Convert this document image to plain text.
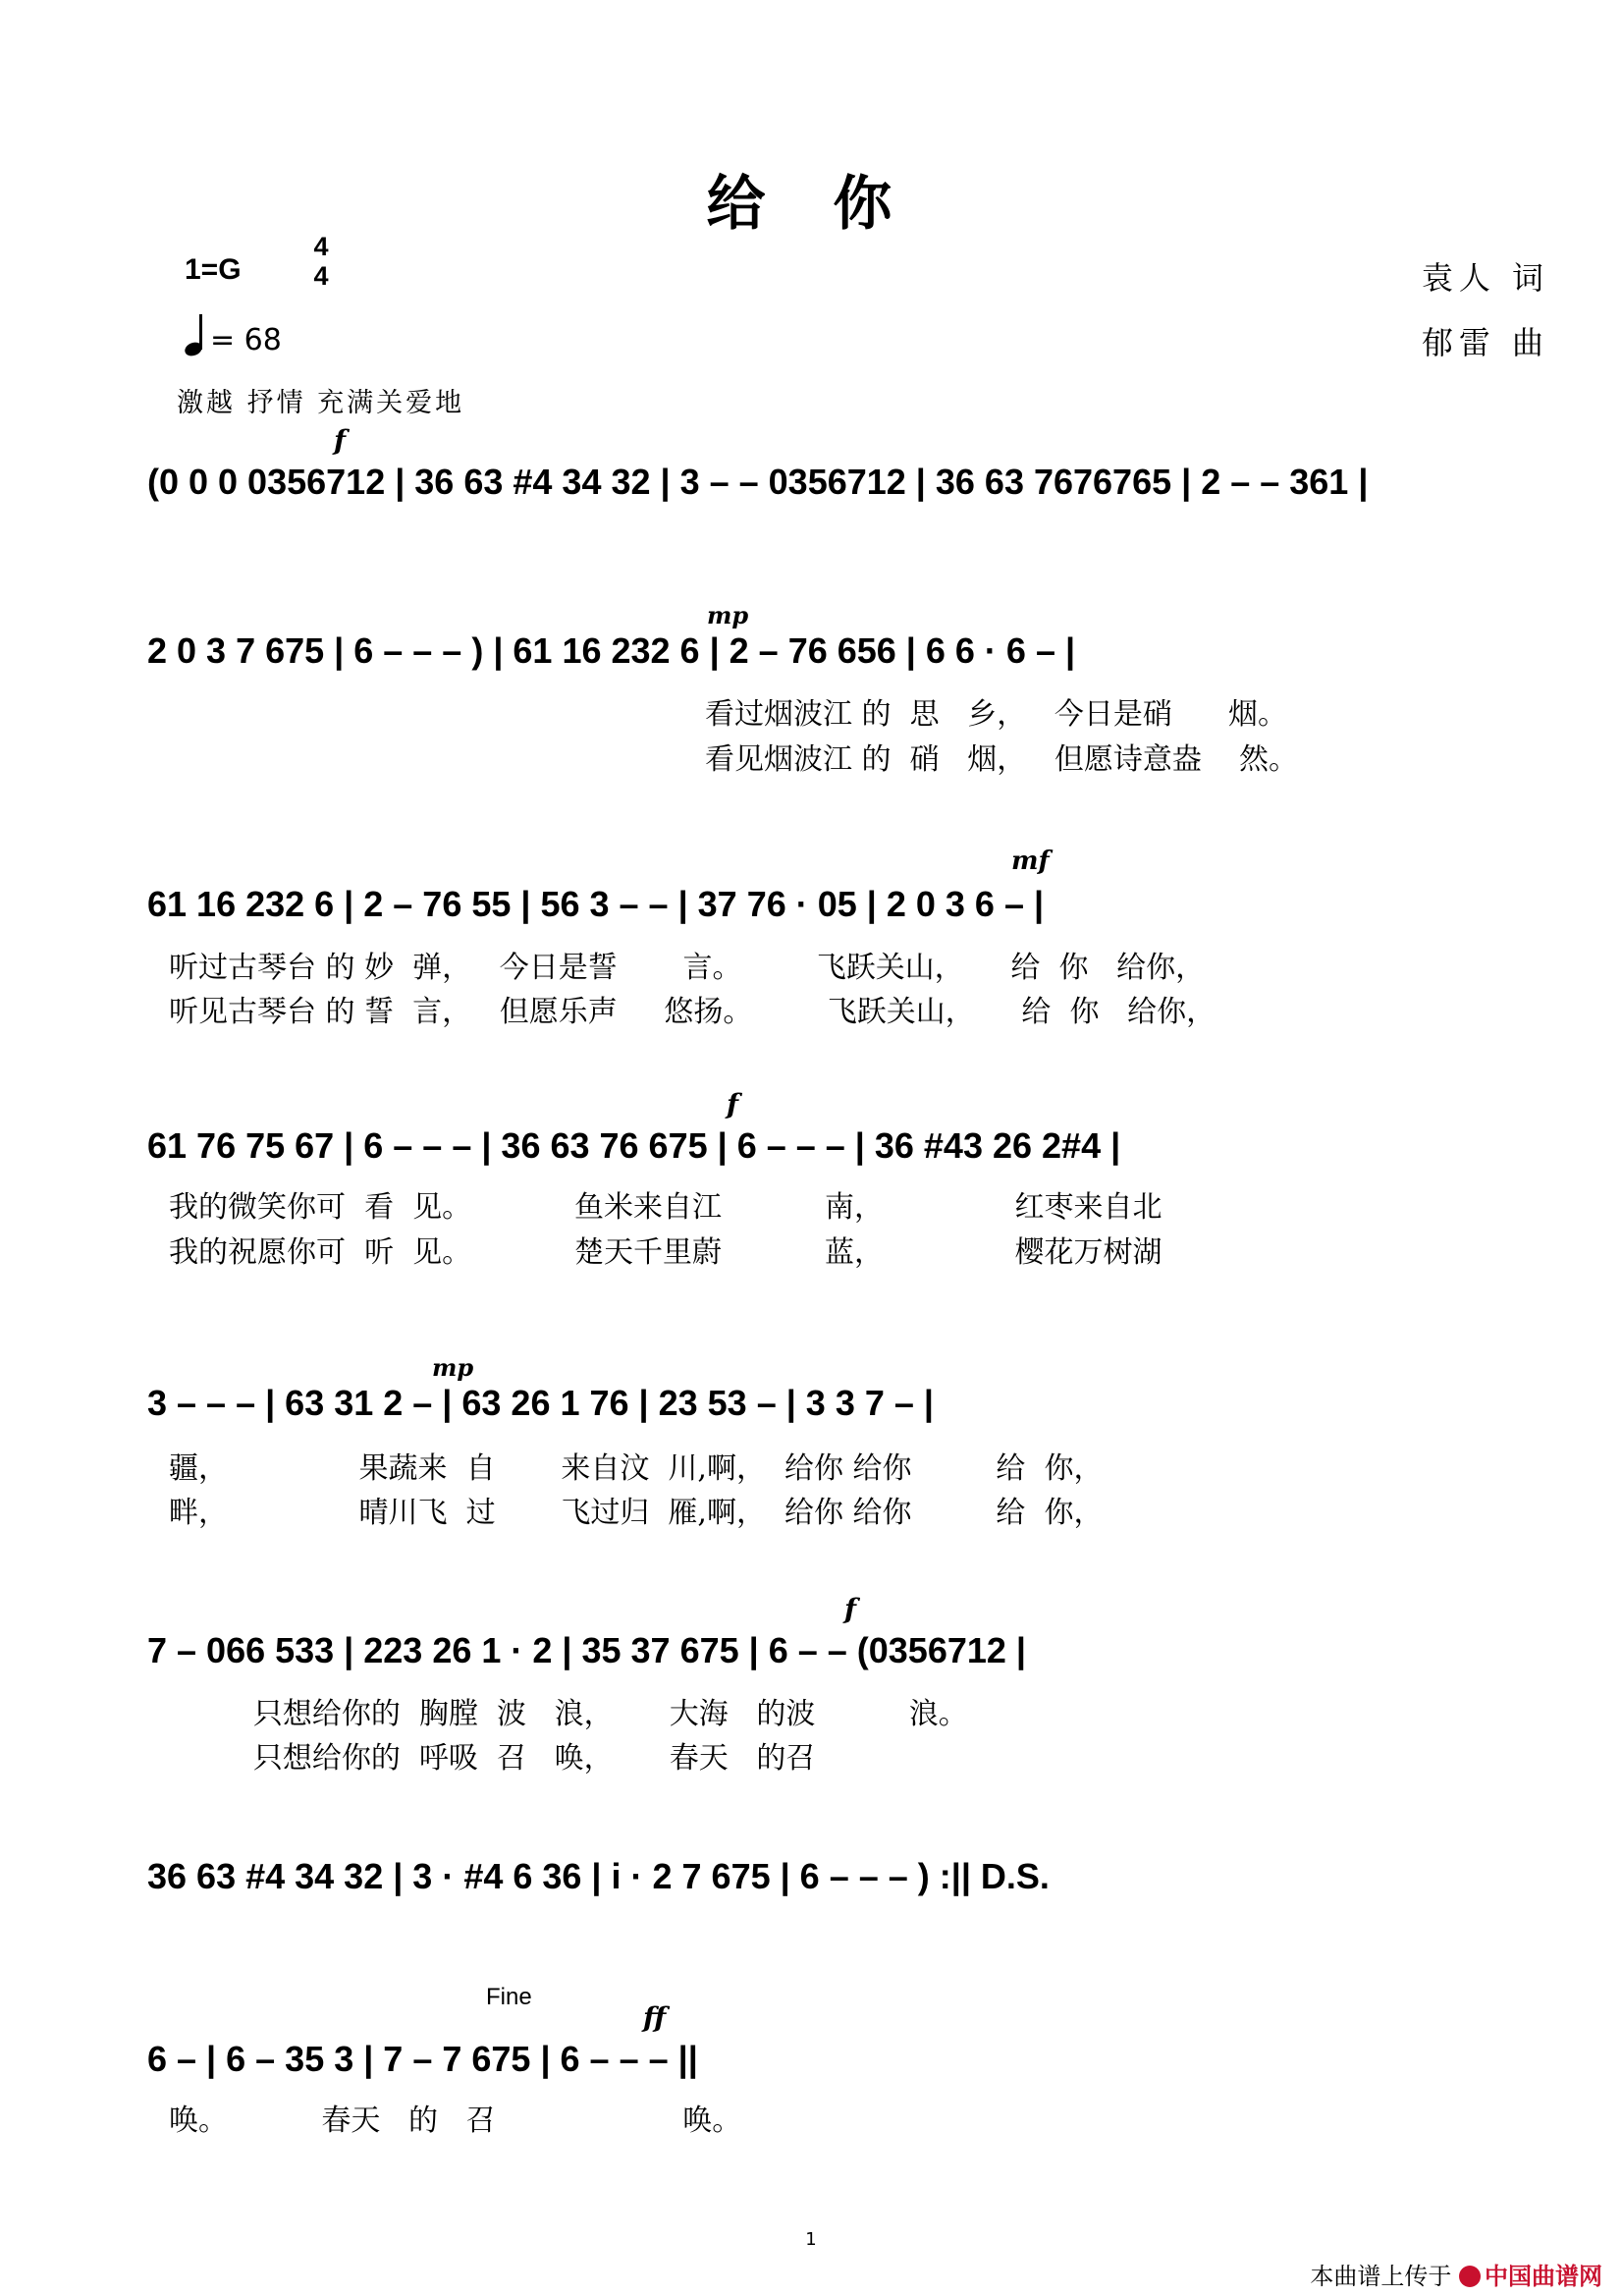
给 你
1=G
4
4
= 68
激越 抒情 充满关爱地
袁人 词
郁雷 曲
f
(0 0 0 0356712 | 36 63 #4 34 32 | 3 – – 0356712 | 36 63 7676765 | 2 – – 361 |
mp
2 0 3 7 675 | 6 – – – ) | 61 16 232 6 | 2 – 76 656 | 6 6 · 6 – |
看过烟波江 的  思   乡，   今日是硝      烟。
看见烟波江 的  硝   烟，   但愿诗意盎    然。
mf
61 16 232 6 | 2 – 76 55 | 56 3 – – | 37 76 · 05 | 2 0 3 6 – |
听过古琴台 的 妙  弹，   今日是誓       言。        飞跃关山，     给  你   给你，
听见古琴台 的 誓  言，   但愿乐声     悠扬。        飞跃关山，     给  你   给你，
f
61 76 75 67 | 6 – – – | 36 63 76 675 | 6 – – – | 36 #43 26 2#4 |
我的微笑你可  看  见。           鱼米来自江           南，              红枣来自北
我的祝愿你可  听  见。           楚天千里蔚           蓝，              樱花万树湖
mp
3 – – – | 63 31 2 – | 63 26 1 76 | 23 53 – | 3 3 7 – |
疆，              果蔬来  自       来自汶  川,啊，  给你 给你         给  你，
畔，              晴川飞  过       飞过归  雁,啊，  给你 给你         给  你，
f
7 – 066 533 | 223 26 1 · 2 | 35 37 675 | 6 – – (0356712 |
只想给你的  胸膛  波   浪，      大海   的波          浪。
只想给你的  呼吸  召   唤，      春天   的召
36 63 #4 34 32 | 3 · #4 6 36 | i · 2 7 675 | 6 – – – ) :|| D.S.
Fine
ff
6 – | 6 – 35 3 | 7 – 7 675 | 6 – – – ||
唤。          春天   的   召                    唤。
1
本曲谱上传于 中国曲谱网
